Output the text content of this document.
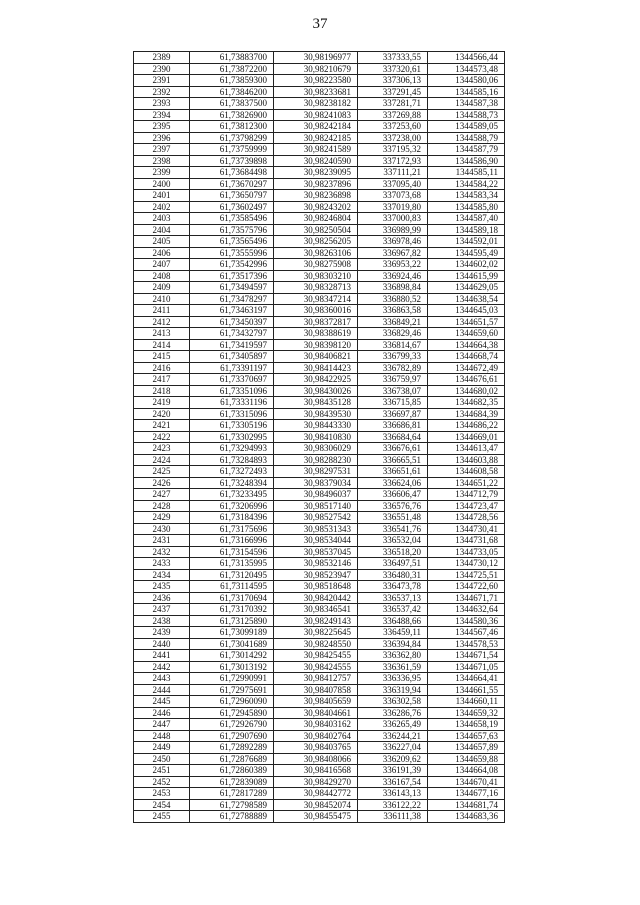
37
2389	61,73883700	30,98196977	337333,55	1344566,44
2390	61,73872200	30,98210679	337320,61	1344573,48
2391	61,73859300	30,98223580	337306,13	1344580,06
2392	61,73846200	30,98233681	337291,45	1344585,16
2393	61,73837500	30,98238182	337281,71	1344587,38
2394	61,73826900	30,98241083	337269,88	1344588,73
2395	61,73812300	30,98242184	337253,60	1344589,05
2396	61,73798299	30,98242185	337238,00	1344588,79
2397	61,73759999	30,98241589	337195,32	1344587,79
2398	61,73739898	30,98240590	337172,93	1344586,90
2399	61,73684498	30,98239095	337111,21	1344585,11
2400	61,73670297	30,98237896	337095,40	1344584,22
2401	61,73650797	30,98236898	337073,68	1344583,34
2402	61,73602497	30,98243202	337019,80	1344585,80
2403	61,73585496	30,98246804	337000,83	1344587,40
2404	61,73575796	30,98250504	336989,99	1344589,18
2405	61,73565496	30,98256205	336978,46	1344592,01
2406	61,73555996	30,98263106	336967,82	1344595,49
2407	61,73542996	30,98275908	336953,22	1344602,02
2408	61,73517396	30,98303210	336924,46	1344615,99
2409	61,73494597	30,98328713	336898,84	1344629,05
2410	61,73478297	30,98347214	336880,52	1344638,54
2411	61,73463197	30,98360016	336863,58	1344645,03
2412	61,73450397	30,98372817	336849,21	1344651,57
2413	61,73432797	30,98388619	336829,46	1344659,60
2414	61,73419597	30,98398120	336814,67	1344664,38
2415	61,73405897	30,98406821	336799,33	1344668,74
2416	61,73391197	30,98414423	336782,89	1344672,49
2417	61,73370697	30,98422925	336759,97	1344676,61
2418	61,73351096	30,98430026	336738,07	1344680,02
2419	61,73331196	30,98435128	336715,85	1344682,35
2420	61,73315096	30,98439530	336697,87	1344684,39
2421	61,73305196	30,98443330	336686,81	1344686,22
2422	61,73302995	30,98410830	336684,64	1344669,01
2423	61,73294993	30,98306029	336676,61	1344613,47
2424	61,73284893	30,98288230	336665,51	1344603,88
2425	61,73272493	30,98297531	336651,61	1344608,58
2426	61,73248394	30,98379034	336624,06	1344651,22
2427	61,73233495	30,98496037	336606,47	1344712,79
2428	61,73206996	30,98517140	336576,76	1344723,47
2429	61,73184396	30,98527542	336551,48	1344728,56
2430	61,73175696	30,98531343	336541,76	1344730,41
2431	61,73166996	30,98534044	336532,04	1344731,68
2432	61,73154596	30,98537045	336518,20	1344733,05
2433	61,73135995	30,98532146	336497,51	1344730,12
2434	61,73120495	30,98523947	336480,31	1344725,51
2435	61,73114595	30,98518648	336473,78	1344722,60
2436	61,73170694	30,98420442	336537,13	1344671,71
2437	61,73170392	30,98346541	336537,42	1344632,64
2438	61,73125890	30,98249143	336488,66	1344580,36
2439	61,73099189	30,98225645	336459,11	1344567,46
2440	61,73041689	30,98248550	336394,84	1344578,53
2441	61,73014292	30,98425455	336362,80	1344671,54
2442	61,73013192	30,98424555	336361,59	1344671,05
2443	61,72990991	30,98412757	336336,95	1344664,41
2444	61,72975691	30,98407858	336319,94	1344661,55
2445	61,72960090	30,98405659	336302,58	1344660,11
2446	61,72945890	30,98404661	336286,76	1344659,32
2447	61,72926790	30,98403162	336265,49	1344658,19
2448	61,72907690	30,98402764	336244,21	1344657,63
2449	61,72892289	30,98403765	336227,04	1344657,89
2450	61,72876689	30,98408066	336209,62	1344659,88
2451	61,72860389	30,98416568	336191,39	1344664,08
2452	61,72839089	30,98429270	336167,54	1344670,41
2453	61,72817289	30,98442772	336143,13	1344677,16
2454	61,72798589	30,98452074	336122,22	1344681,74
2455	61,72788889	30,98455475	336111,38	1344683,36
